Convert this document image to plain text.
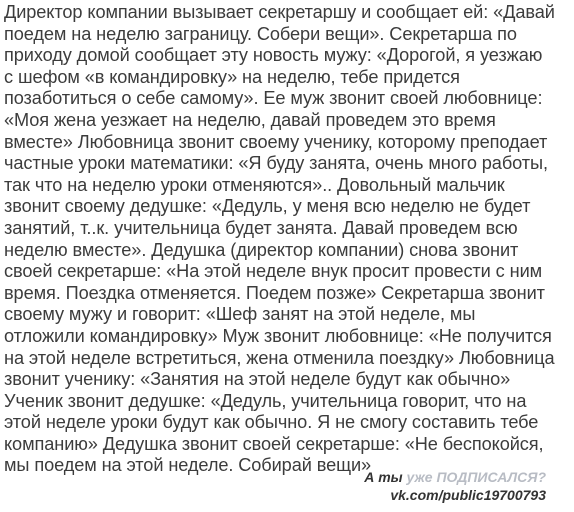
Директор компании вызывает секретаршу и сообщает ей: «Давай
поедем на неделю заграницу. Собери вещи». Секретарша по
приходу домой сообщает эту новость мужу: «Дорогой, я уезжаю
с шефом «в командировку» на неделю, тебе придется
позаботиться о себе самому». Ее муж звонит своей любовнице:
«Моя жена уезжает на неделю, давай проведем это время
вместе» Любовница звонит своему ученику, которому преподает
частные уроки математики: «Я буду занята, очень много работы,
так что на неделю уроки отменяются».. Довольный мальчик
звонит своему дедушке: «Дедуль, у меня всю неделю не будет
занятий, т..к. учительница будет занята. Давай проведем всю
неделю вместе». Дедушка (директор компании) снова звонит
своей секретарше: «На этой неделе внук просит провести с ним
время. Поездка отменяется. Поедем позже» Секретарша звонит
своему мужу и говорит: «Шеф занят на этой неделе, мы
отложили командировку» Муж звонит любовнице: «Не получится
на этой неделе встретиться, жена отменила поездку» Любовница
звонит ученику: «Занятия на этой неделе будут как обычно»
Ученик звонит дедушке: «Дедуль, учительница говорит, что на
этой неделе уроки будут как обычно. Я не смогу составить тебе
компанию» Дедушка звонит своей секретарше: «Не беспокойся,
мы поедем на этой неделе. Собирай вещи»
А ты уже ПОДПИСАЛСЯ?
vk.com/public19700793
